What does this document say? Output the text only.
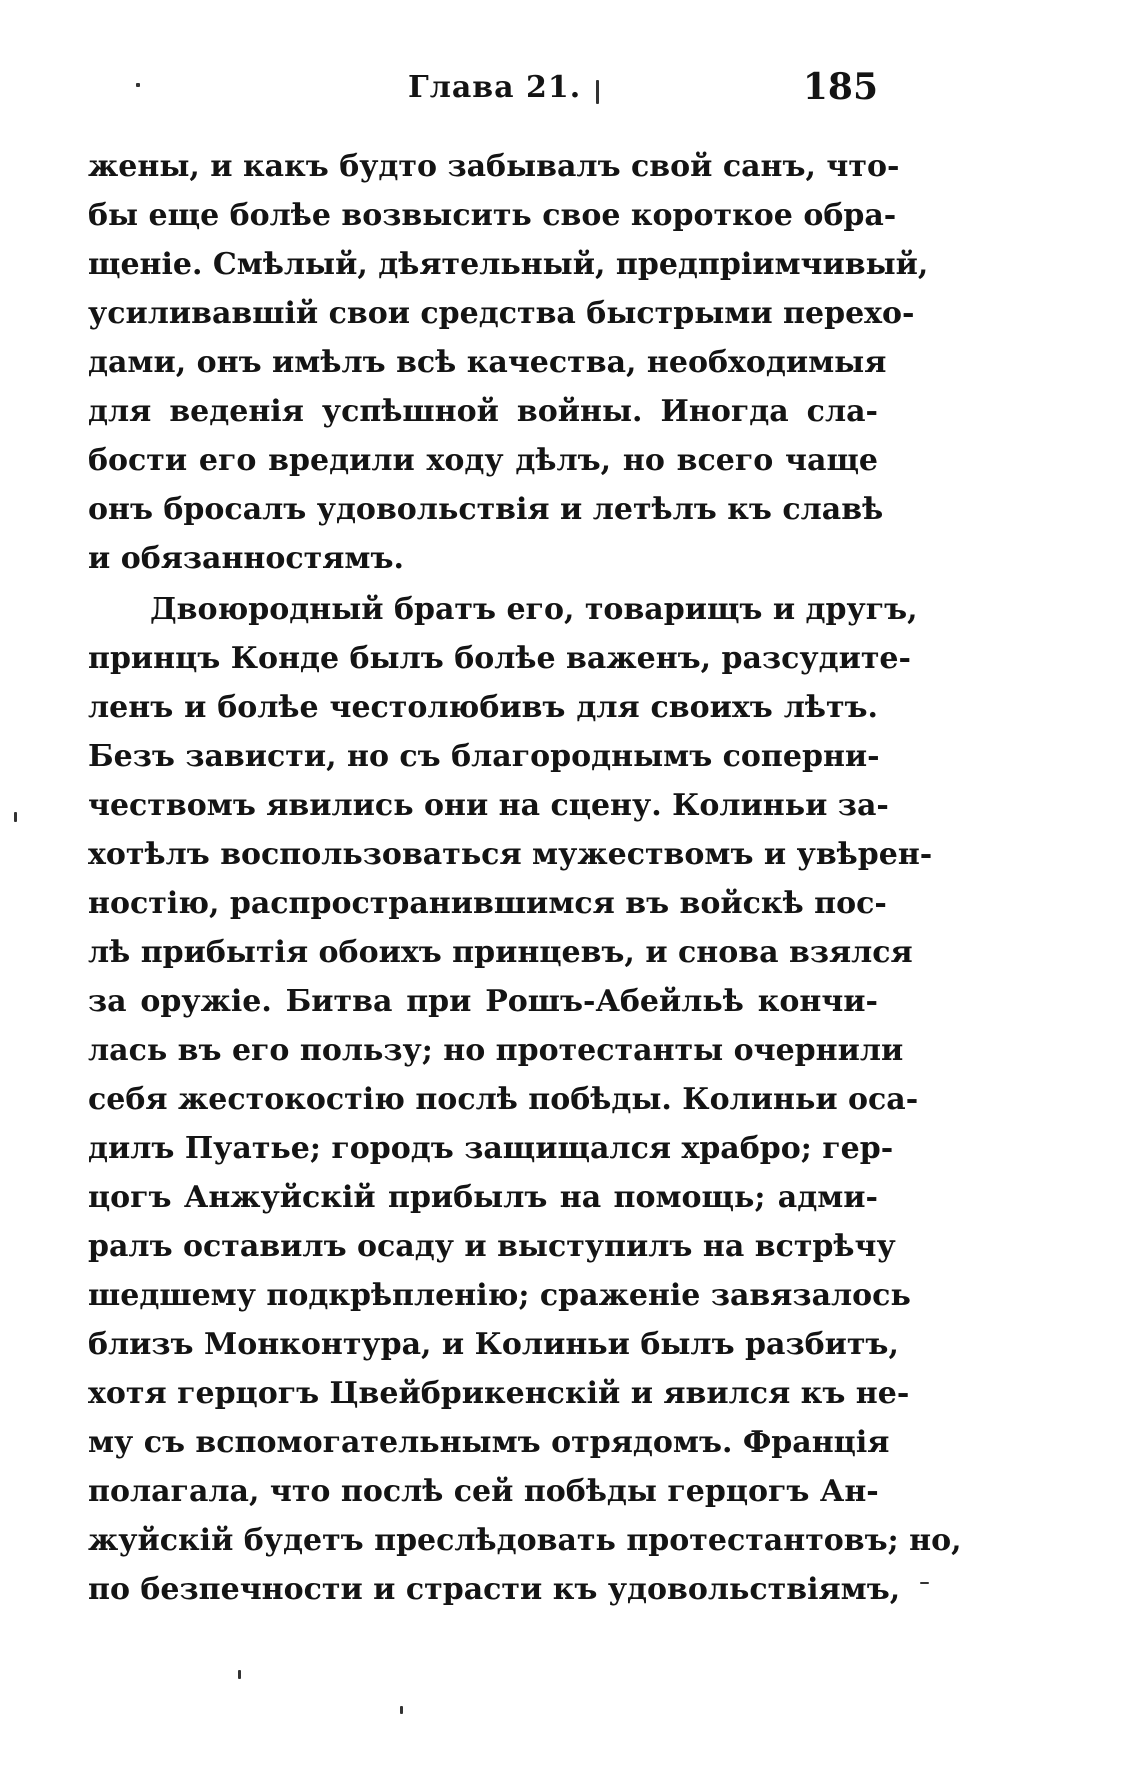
Глава 21.	185
жены, и какъ будто забывалъ свой санъ, что-
бы еще болѣе возвысить свое короткое обра-
щеніе. Смѣлый, дѣятельный, предпріимчивый,
усиливавшій свои средства быстрыми перехо-
дами, онъ имѣлъ всѣ качества, необходимыя
для веденія успѣшной войны. Иногда сла-
бости его вредили ходу дѣлъ, но всего чаще
онъ бросалъ удовольствія и летѣлъ къ славѣ
и обязанностямъ.
Двоюродный братъ его, товарищъ и другъ,
принцъ Конде былъ болѣе важенъ, разсудите-
ленъ и болѣе честолюбивъ для своихъ лѣтъ.
Безъ зависти, но съ благороднымъ соперни-
чествомъ явились они на сцену. Колиньи за-
хотѣлъ воспользоваться мужествомъ и увѣрен-
ностію, распространившимся въ войскѣ пос-
лѣ прибытія обоихъ принцевъ, и снова взялся
за оружіе. Битва при Рошъ-Абейльѣ кончи-
лась въ его пользу; но протестанты очернили
себя жестокостію послѣ побѣды. Колиньи оса-
дилъ Пуатье; городъ защищался храбро; гер-
цогъ Анжуйскій прибылъ на помощь; адми-
ралъ оставилъ осаду и выступилъ на встрѣчу
шедшему подкрѣпленію; сраженіе завязалось
близъ Монконтура, и Колиньи былъ разбитъ,
хотя герцогъ Цвейбрикенскій и явился къ не-
му съ вспомогательнымъ отрядомъ. Франція
полагала, что послѣ сей побѣды герцогъ Ан-
жуйскій будетъ преслѣдовать протестантовъ; но,
по безпечности и страсти къ удовольствіямъ,
